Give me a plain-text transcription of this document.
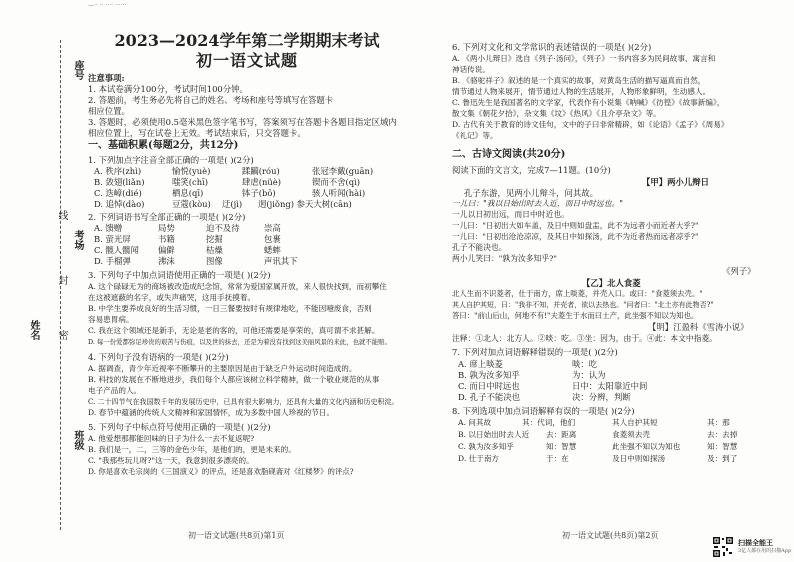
—·· ·· ···· ······
座号
考场
班级
姓名
线
封
密
2023—2024学年第二学期期末考试
初一语文试题
注意事项:
1. 本试卷满分100分，考试时间100分钟。
2. 答题前，考生务必先将自己的姓名、考场和座号等填写在答题卡
相应位置。
3. 答题时，必须使用0.5毫米黑色签字笔书写，答案须写在答题卡各题目指定区域内
相应位置上，写在试卷上无效。考试结束后，只交答题卡。
一、基础积累(每题2分，共12分)
1. 下列加点字注音全部正确的一项是( )(2分)
A. 秩序(zhì)	愉悦(yuè)	蹂躏(róu)	张冠李戴(guān)
B. 敛翅(liǎn)	嗤笑(chī)	肆虐(nüè)	锲而不舍(qì)
C. 迭嶂(dié)	栖息(qī)	钵子(bō)	骇人听闻(hài)
D. 追悼(dào)	豆蔻(kòu) 迂(jì) 迥(jiǒng) 参天大树(cān)
2. 下列词语书写全部正确的一项是( )(2分)
A. 馈赠	局势	迫不及待	崇高
B. 萤光屏	书籍	挖掘	包裹
C. 髋人髋闻 偏僻	枯燥	蟋蟀
D. 手榴弹	沸沫	图像	声讯其下
3. 下列句子中加点词语使用正确的一项是( )(2分)
A. 这个碌碌无为的商场被改造成纪念馆，常常为爱国家属开放，来人很快找到，而初攀住
在这被遮蔽的名字，或失声痛哭，这用手抚摸着。
B. 中学生要养成良好的生活习惯，一日三餐要按时有规律地吃，不能因噎废食，否则
容易患胃病。
C. 我在这个领域还是新手，无论是老的客的，可他还需要是享荣的，真可谓不求甚解。
D. 每一份爱都弥足珍贵的艰苦与伤痕，以及世的抹去，还是为着没有找到这美丽风景的来此，也就不能赔。
4. 下列句子没有语病的一项是( )(2分)
A. 据调查，青少年近视率不断攀升的主要原因是由于缺乏户外运动时间造成的。
B. 科技的发展在不断地进步，我们每个人都应该树立科学精神，做一个敬业规范的从事
电子产品的人。
C. 二十四节气在我国数千年的发展历史中，已具有很大影响力，还具有大量的文化内涵和历史积淀。
D. 春节中蕴涵的传统人文精神和家国情怀，成为多数中国人珍视的节日。
5. 下列句子中标点符号使用正确的一项是( )(2分)
A. 他爱想那都能回味的日子为什么一去不复返呢?
B. 我们是一，二，三等的金色少年，是他们的，更是未来的。
C. "我那些玩儿呀?"这一天，我意到很多漂亮的。
D. 你是喜欢毛宗岗的《三国演义》的评点，还是喜欢脂砚斋对《红楼梦》的评点?
初一语文试题(共8页)第1页
6. 下列对文化和文学常识的表述错误的一项是( )(2分)
A. 《两小儿辩日》选自《列子·汤问》，《列子》一书内容多为民间故事、寓言和
神话传说。
B. 《骆驼祥子》叙述的是一个真实的故事，对黄岛生活的描写逼真而自然，
情节通过人物来展开，情节通过人物的生活展开，人物形象鲜明，生动感人。
C. 鲁迅先生是我国著名的文学家，代表作有小说集《呐喊》《彷徨》《故事新编》，
散文集《朝花夕拾》，杂文集《坟》《热风》《且介亭杂文》等。
D. 古代有关于教育的诗文佳句，文中的子曰非常精辟，如《论语》《孟子》《周易》
《礼记》等。
二、古诗文阅读(共20分)
阅读下面的文言文，完成7—11题。(10分)
【甲】两小儿辩日
孔子东游，见两小儿辩斗，问其故。
一儿曰："我以日始出时去人近，而日中时远也。"
一儿以日初出远，而日中时近也。
一儿曰："日初出大如车盖，及日中则如盘盂，此不为远者小而近者大乎?"
一儿曰："日初出沧沧凉凉，及其日中如探汤，此不为近者热而远者凉乎?"
孔子不能决也。
两小儿笑曰："孰为汝多知乎?"
《列子》
【乙】北人食菱
北人生而不识菱者，仕于南方，席上啖菱，并壳入口。或曰："食菱须去壳。"
其人自护其短，曰："我非不知，并壳者，欲以去热也。"问者曰："北土亦有此物否?"
答曰："前山后山，何地不有!"夫菱生于水而曰土产，此坐强不知以为知也。
【明】江盈科《雪涛小说》
注释：①北人：北方人。②啖：吃。③坐：因为，由于。④此：本文中指菱。
7. 下列对加点词语解释错误的一项是( )(2分)
A. 席上啖菱	啖：吃
B. 孰为汝多知乎	为：认为
C. 而日中时远也	日中：太阳靠近中间
D. 孔子不能决也	决：分辨，判断
8. 下列选项中加点词语解释有误的一项是( )(2分)
A. 问其故	其：代词，他们	其人自护其短	其：那
B. 以日始出时去人近 去：距离	食菱须去壳	去：去掉
C. 孰为汝多知乎	知：智慧	此坐强不知以为知也	知：智慧
D. 仕于南方	于：在	及日中则如探汤	及：到了
初一语文试题(共8页)第2页
扫描全能王
3亿人都在用的扫描App
